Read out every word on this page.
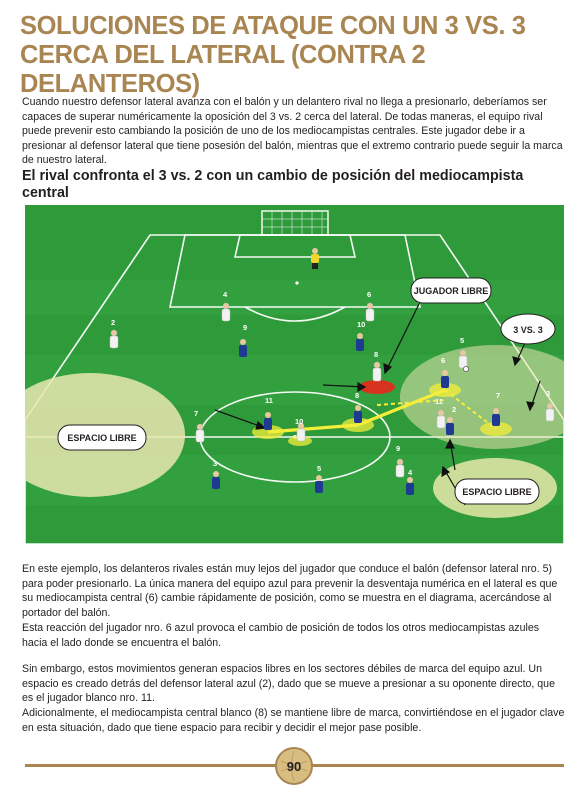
SOLUCIONES DE ATAQUE CON UN 3 VS. 3 CERCA DEL LATERAL (CONTRA 2 DELANTEROS)
Cuando nuestro defensor lateral avanza con el balón y un delantero rival no llega a presionarlo, deberíamos ser capaces de superar numéricamente la oposición del 3 vs. 2 cerca del lateral. De todas maneras, el equipo rival puede prevenir esto cambiando la posición de uno de los mediocampistas centrales. Este jugador debe ir a presionar al defensor lateral que tiene posesión del balón, mientras que el extremo contrario puede seguir la marca de nuestro lateral.
El rival confronta el 3 vs. 2 con un cambio de posición del mediocampista central
JUGADOR LIBRE
3 VS. 3
ESPACIO LIBRE
ESPACIO LIBRE
4	6
2
8
5
6
11
2
10
7
3
9	10
11
8	7
3
5	4
9
En este ejemplo, los delanteros rivales están muy lejos del jugador que conduce el balón (defensor lateral nro. 5) para poder presionarlo. La única manera del equipo azul para prevenir la desventaja numérica en el lateral es que su mediocampista central (6) cambie rápidamente de posición, como se muestra en el diagrama, acercándose al portador del balón.
Esta reacción del jugador nro. 6 azul provoca el cambio de posición de todos los otros mediocampistas azules hacia el lado donde se encuentra el balón.
Sin embargo, estos movimientos generan espacios libres en los sectores débiles de marca del equipo azul. Un espacio es creado detrás del defensor lateral azul (2), dado que se mueve a presionar a su oponente directo, que es el jugador blanco nro. 11.
Adicionalmente, el mediocampista central blanco (8) se mantiene libre de marca, convirtiéndose en el jugador clave en esta situación, dado que tiene espacio para recibir y decidir el mejor pase posible.
90
